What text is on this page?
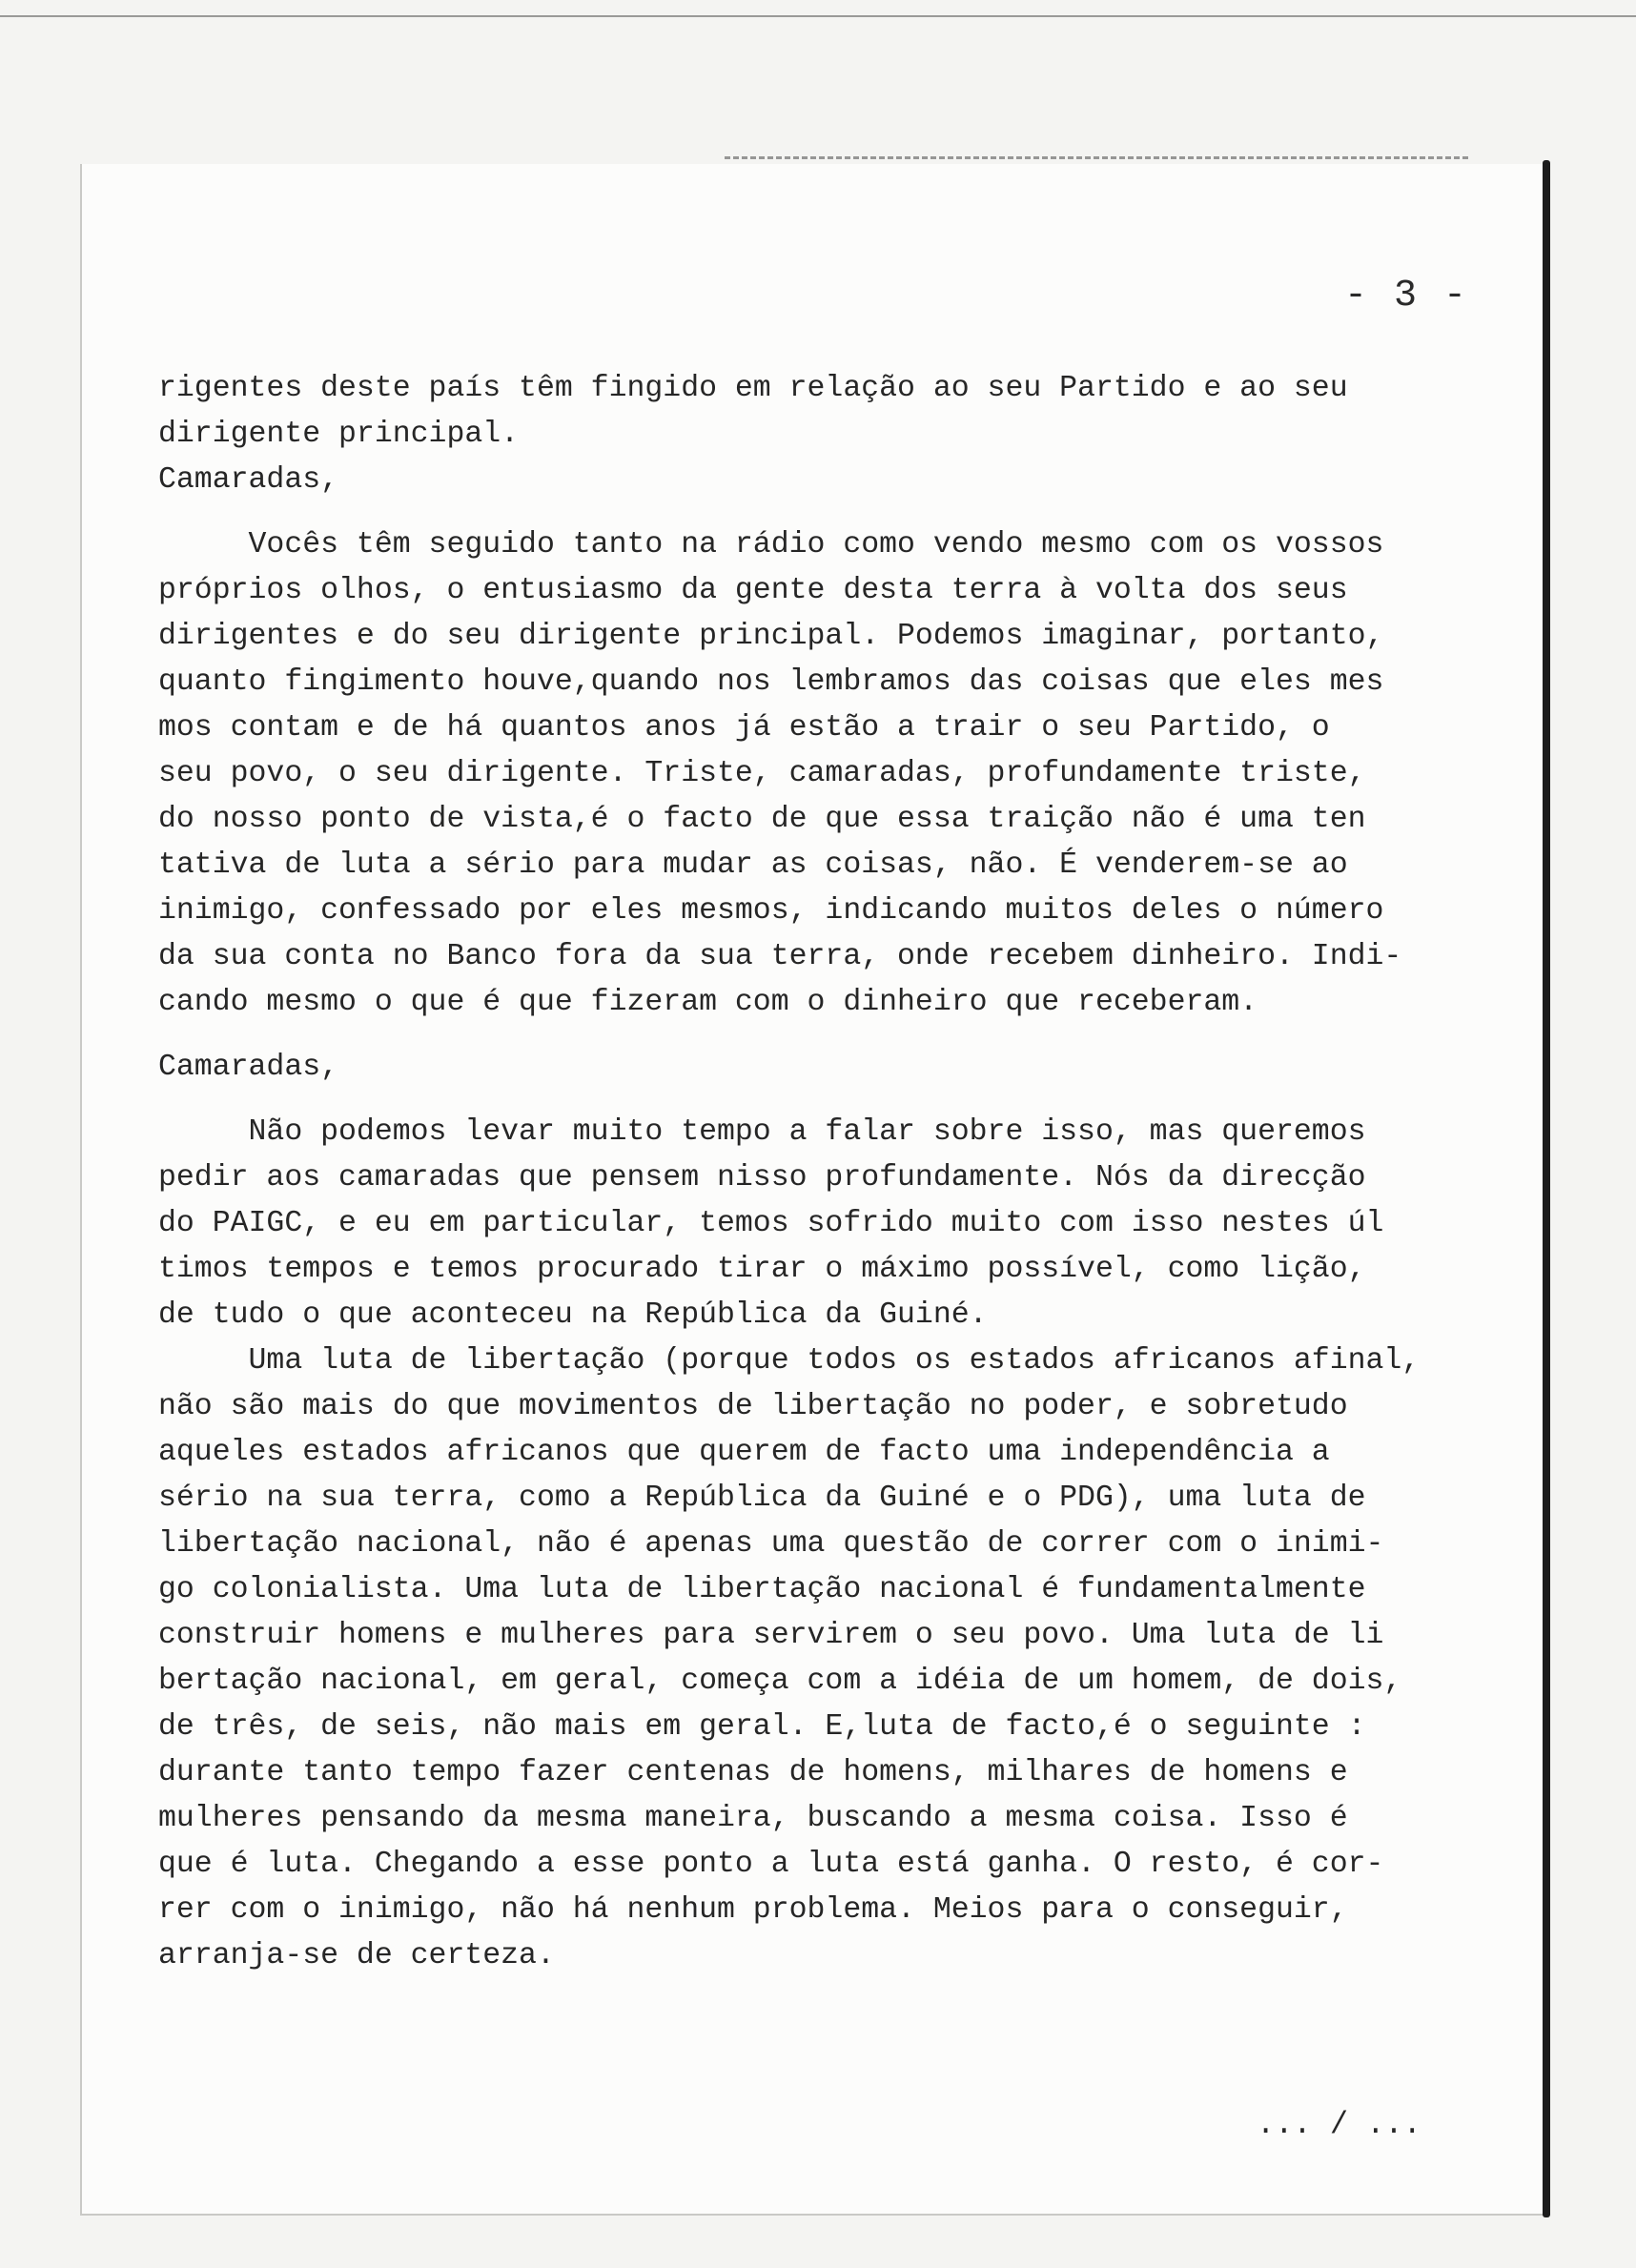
- 3 -
rigentes deste país têm fingido em relação ao seu Partido e ao seu
dirigente principal.
Camaradas,
Vocês têm seguido tanto na rádio como vendo mesmo com os vossos
próprios olhos, o entusiasmo da gente desta terra à volta dos seus
dirigentes e do seu dirigente principal. Podemos imaginar, portanto,
quanto fingimento houve,quando nos lembramos das coisas que eles mes
mos contam e de há quantos anos já estão a trair o seu Partido, o
seu povo, o seu dirigente. Triste, camaradas, profundamente triste,
do nosso ponto de vista,é o facto de que essa traição não é uma ten
tativa de luta a sério para mudar as coisas, não. É venderem-se ao
inimigo, confessado por eles mesmos, indicando muitos deles o número
da sua conta no Banco fora da sua terra, onde recebem dinheiro. Indi-
cando mesmo o que é que fizeram com o dinheiro que receberam.
Camaradas,
Não podemos levar muito tempo a falar sobre isso, mas queremos
pedir aos camaradas que pensem nisso profundamente. Nós da direcção
do PAIGC, e eu em particular, temos sofrido muito com isso nestes úl
timos tempos e temos procurado tirar o máximo possível, como lição,
de tudo o que aconteceu na República da Guiné.
Uma luta de libertação (porque todos os estados africanos afinal,
não são mais do que movimentos de libertação no poder, e sobretudo
aqueles estados africanos que querem de facto uma independência a
sério na sua terra, como a República da Guiné e o PDG), uma luta de
libertação nacional, não é apenas uma questão de correr com o inimi-
go colonialista. Uma luta de libertação nacional é fundamentalmente
construir homens e mulheres para servirem o seu povo. Uma luta de li
bertação nacional, em geral, começa com a idéia de um homem, de dois,
de três, de seis, não mais em geral. E,luta de facto,é o seguinte :
durante tanto tempo fazer centenas de homens, milhares de homens e
mulheres pensando da mesma maneira, buscando a mesma coisa. Isso é
que é luta. Chegando a esse ponto a luta está ganha. O resto, é cor-
rer com o inimigo, não há nenhum problema. Meios para o conseguir,
arranja-se de certeza.
... / ...
